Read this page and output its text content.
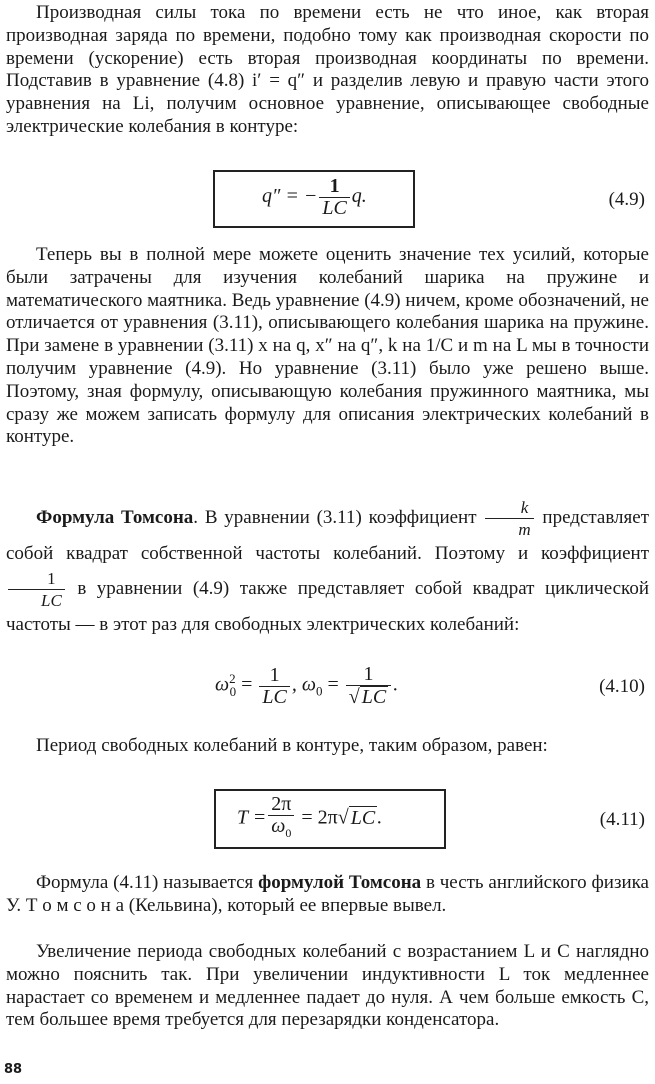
Производная силы тока по времени есть не что иное, как вторая производная заряда по времени, подобно тому как производная скорости по времени (ускорение) есть вторая производная координаты по времени. Подставив в уравнение (4.8) i′ = q″ и разделив левую и правую части этого уравнения на Li, получим основное уравнение, описывающее свободные электрические колебания в контуре:
q″ = − $\frac{1}{LC} q$.	(4.9)
Теперь вы в полной мере можете оценить значение тех усилий, которые были затрачены для изучения колебаний шарика на пружине и математического маятника. Ведь уравнение (4.9) ничем, кроме обозначений, не отличается от уравнения (3.11), описывающего колебания шарика на пружине. При замене в уравнении (3.11) x на q, x″ на q″, k на 1/C и m на L мы в точности получим уравнение (4.9). Но уравнение (3.11) было уже решено выше. Поэтому, зная формулу, описывающую колебания пружинного маятника, мы сразу же можем записать формулу для описания электрических колебаний в контуре.
Формула Томсона. В уравнении (3.11) коэффициент $\frac{k}{m}$ представляет собой квадрат собственной частоты колебаний. Поэтому и коэффициент
$\frac{1}{LC}$ в уравнении (4.9) также представляет собой квадрат циклической частоты — в этот раз для свободных электрических колебаний:
$\omega^2_0 = \frac{1}{LC}$ , $\omega_0 = \frac{1}{√ LC}$ .	(4.10)
Период свободных колебаний в контуре, таким образом, равен:
$T = \frac{2\pi}{\omega_0} = 2\pi√$ LC .	(4.11)
Формула (4.11) называется формулой Томсона в честь английского физика У. Т о м с о н а (Кельвина), который ее впервые вывел.
Увеличение периода свободных колебаний с возрастанием L и C наглядно можно пояснить так. При увеличении индуктивности L ток медленнее нарастает со временем и медленнее падает до нуля. А чем больше емкость C, тем большее время требуется для перезарядки конденсатора.
88
